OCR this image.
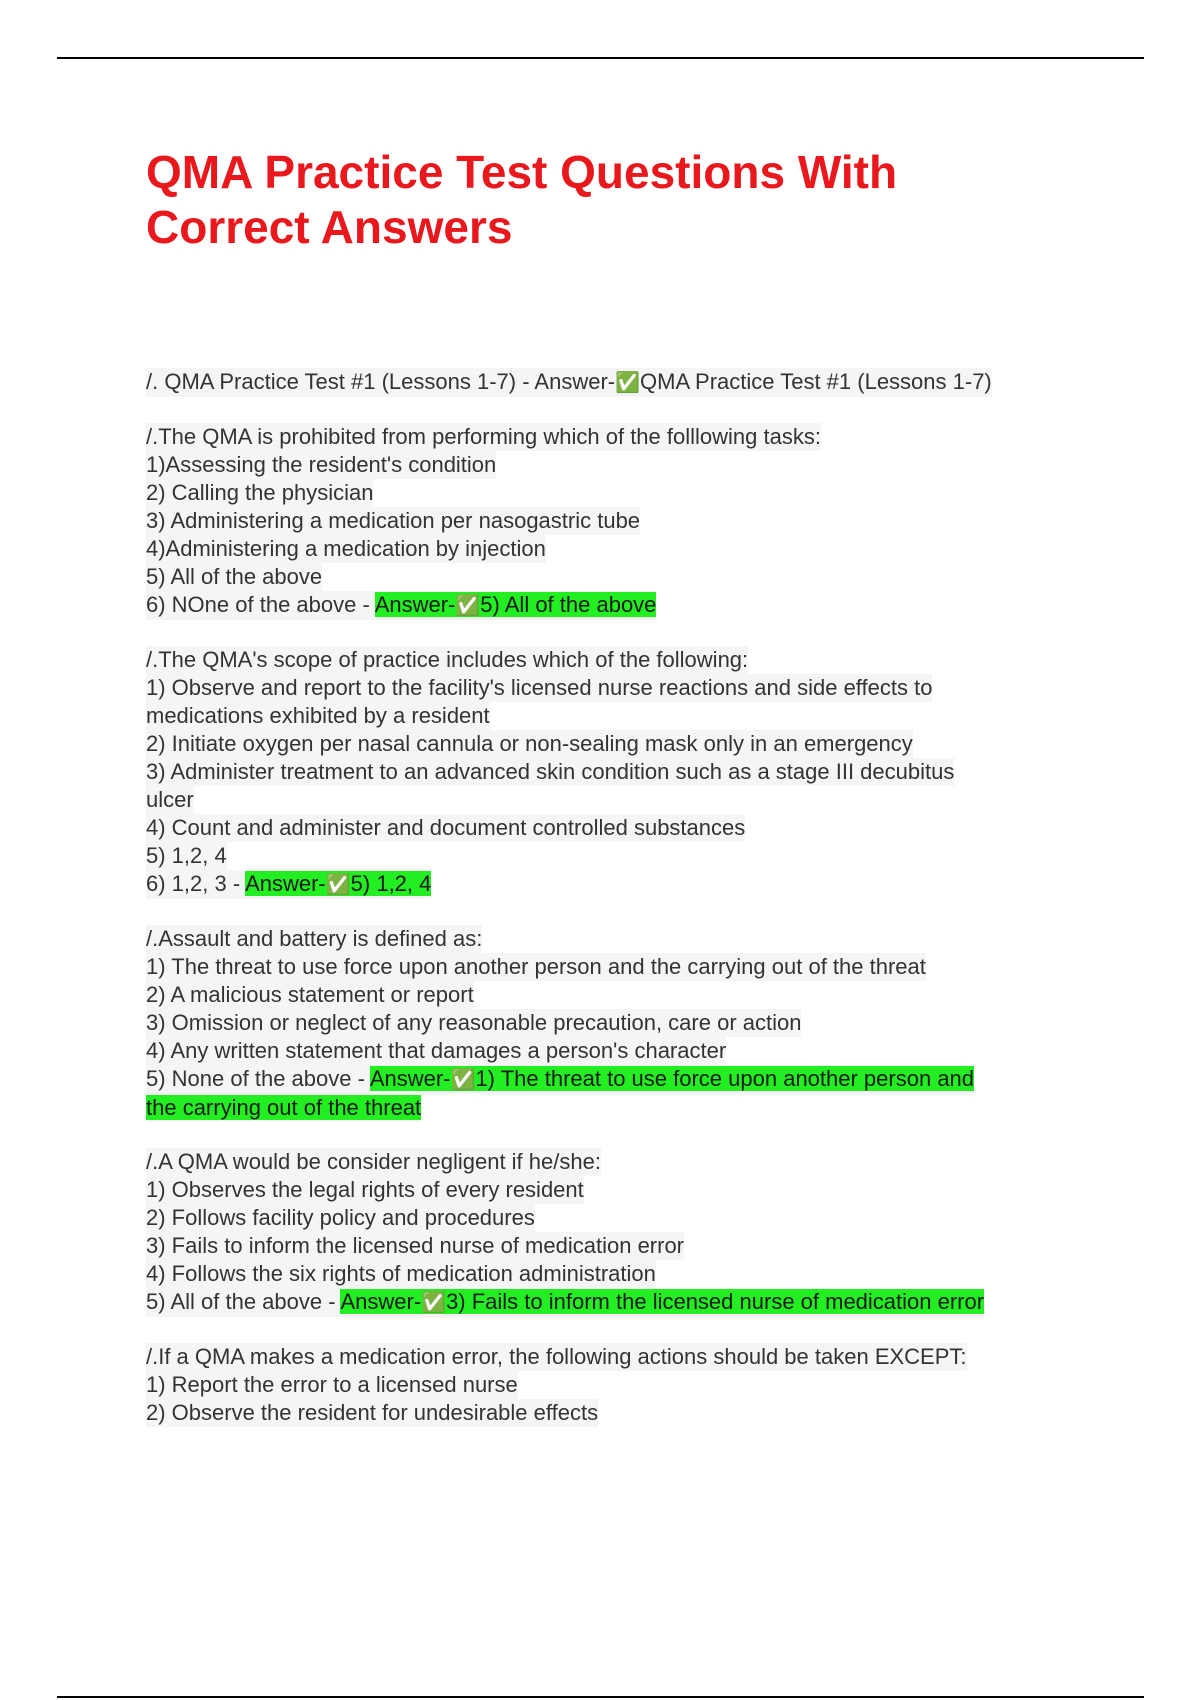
QMA Practice Test Questions With
Correct Answers
/. QMA Practice Test #1 (Lessons 1-7) - Answer-✅QMA Practice Test #1 (Lessons 1-7)
/.The QMA is prohibited from performing which of the folllowing tasks:
1)Assessing the resident's condition
2) Calling the physician
3) Administering a medication per nasogastric tube
4)Administering a medication by injection
5) All of the above
6) NOne of the above - Answer-✅5) All of the above
/.The QMA's scope of practice includes which of the following:
1) Observe and report to the facility's licensed nurse reactions and side effects to
medications exhibited by a resident
2) Initiate oxygen per nasal cannula or non-sealing mask only in an emergency
3) Administer treatment to an advanced skin condition such as a stage III decubitus
ulcer
4) Count and administer and document controlled substances
5) 1,2, 4
6) 1,2, 3 - Answer-✅5) 1,2, 4
/.Assault and battery is defined as:
1) The threat to use force upon another person and the carrying out of the threat
2) A malicious statement or report
3) Omission or neglect of any reasonable precaution, care or action
4) Any written statement that damages a person's character
5) None of the above - Answer-✅1) The threat to use force upon another person and
the carrying out of the threat
/.A QMA would be consider negligent if he/she:
1) Observes the legal rights of every resident
2) Follows facility policy and procedures
3) Fails to inform the licensed nurse of medication error
4) Follows the six rights of medication administration
5) All of the above - Answer-✅3) Fails to inform the licensed nurse of medication error
/.If a QMA makes a medication error, the following actions should be taken EXCEPT:
1) Report the error to a licensed nurse
2) Observe the resident for undesirable effects
